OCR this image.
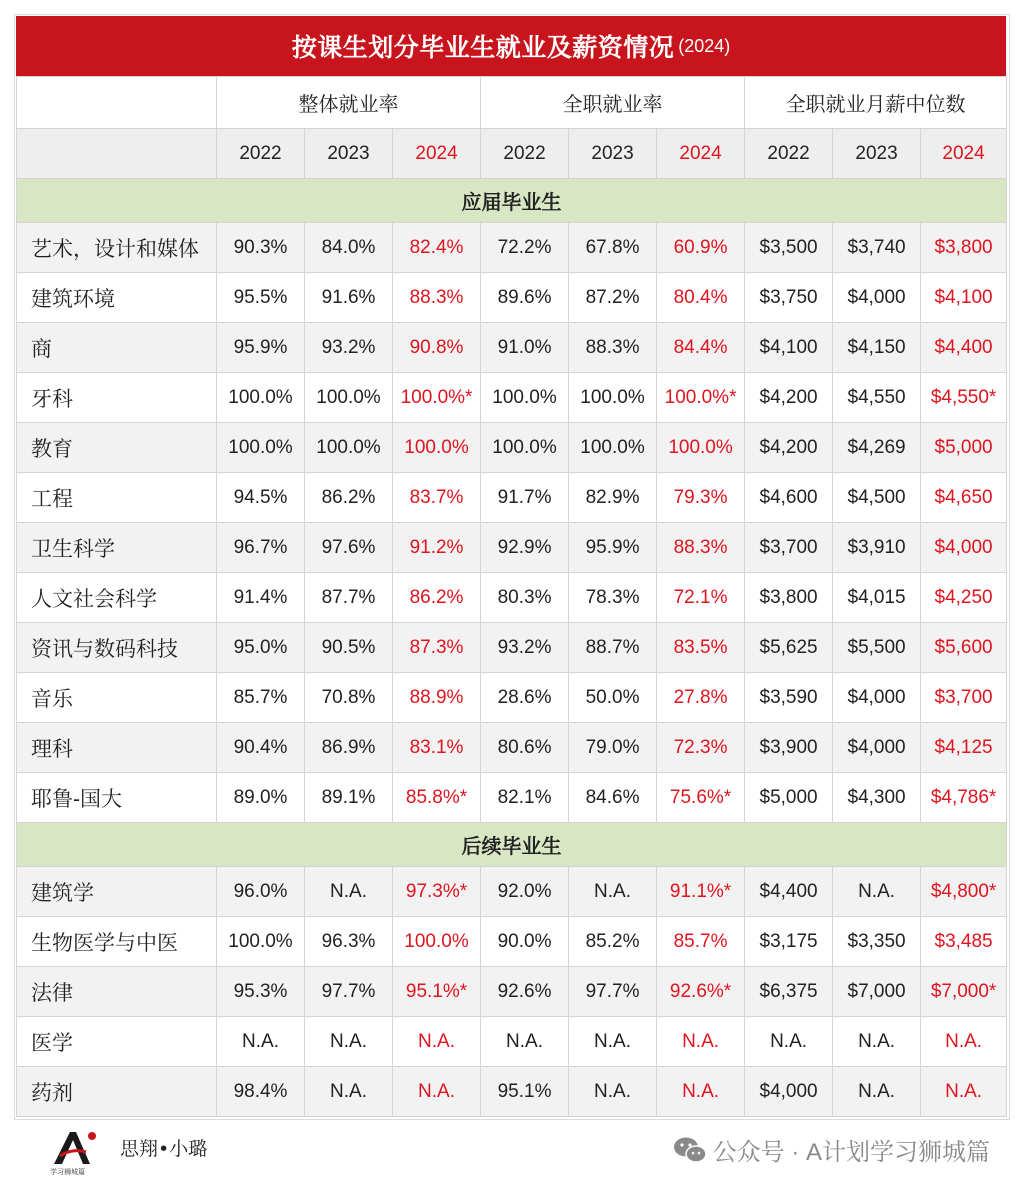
按课生划分毕业生就业及薪资情况 (2024)
	整体就业率			全职就业率			全职就业月薪中位数		
	2022	2023	2024	2022	2023	2024	2022	2023	2024
应届毕业生									
艺术，设计和媒体	90.3%	84.0%	82.4%	72.2%	67.8%	60.9%	$3,500	$3,740	$3,800
建筑环境	95.5%	91.6%	88.3%	89.6%	87.2%	80.4%	$3,750	$4,000	$4,100
商	95.9%	93.2%	90.8%	91.0%	88.3%	84.4%	$4,100	$4,150	$4,400
牙科	100.0%	100.0%	100.0%*	100.0%	100.0%	100.0%*	$4,200	$4,550	$4,550*
教育	100.0%	100.0%	100.0%	100.0%	100.0%	100.0%	$4,200	$4,269	$5,000
工程	94.5%	86.2%	83.7%	91.7%	82.9%	79.3%	$4,600	$4,500	$4,650
卫生科学	96.7%	97.6%	91.2%	92.9%	95.9%	88.3%	$3,700	$3,910	$4,000
人文社会科学	91.4%	87.7%	86.2%	80.3%	78.3%	72.1%	$3,800	$4,015	$4,250
资讯与数码科技	95.0%	90.5%	87.3%	93.2%	88.7%	83.5%	$5,625	$5,500	$5,600
音乐	85.7%	70.8%	88.9%	28.6%	50.0%	27.8%	$3,590	$4,000	$3,700
理科	90.4%	86.9%	83.1%	80.6%	79.0%	72.3%	$3,900	$4,000	$4,125
耶鲁-国大	89.0%	89.1%	85.8%*	82.1%	84.6%	75.6%*	$5,000	$4,300	$4,786*
后续毕业生									
建筑学	96.0%	N.A.	97.3%*	92.0%	N.A.	91.1%*	$4,400	N.A.	$4,800*
生物医学与中医	100.0%	96.3%	100.0%	90.0%	85.2%	85.7%	$3,175	$3,350	$3,485
法律	95.3%	97.7%	95.1%*	92.6%	97.7%	92.6%*	$6,375	$7,000	$7,000*
医学	N.A.	N.A.	N.A.	N.A.	N.A.	N.A.	N.A.	N.A.	N.A.
药剂	98.4%	N.A.	N.A.	95.1%	N.A.	N.A.	$4,000	N.A.	N.A.
学习狮城篇
思翔•小璐	公众号 · A计划学习狮城篇
